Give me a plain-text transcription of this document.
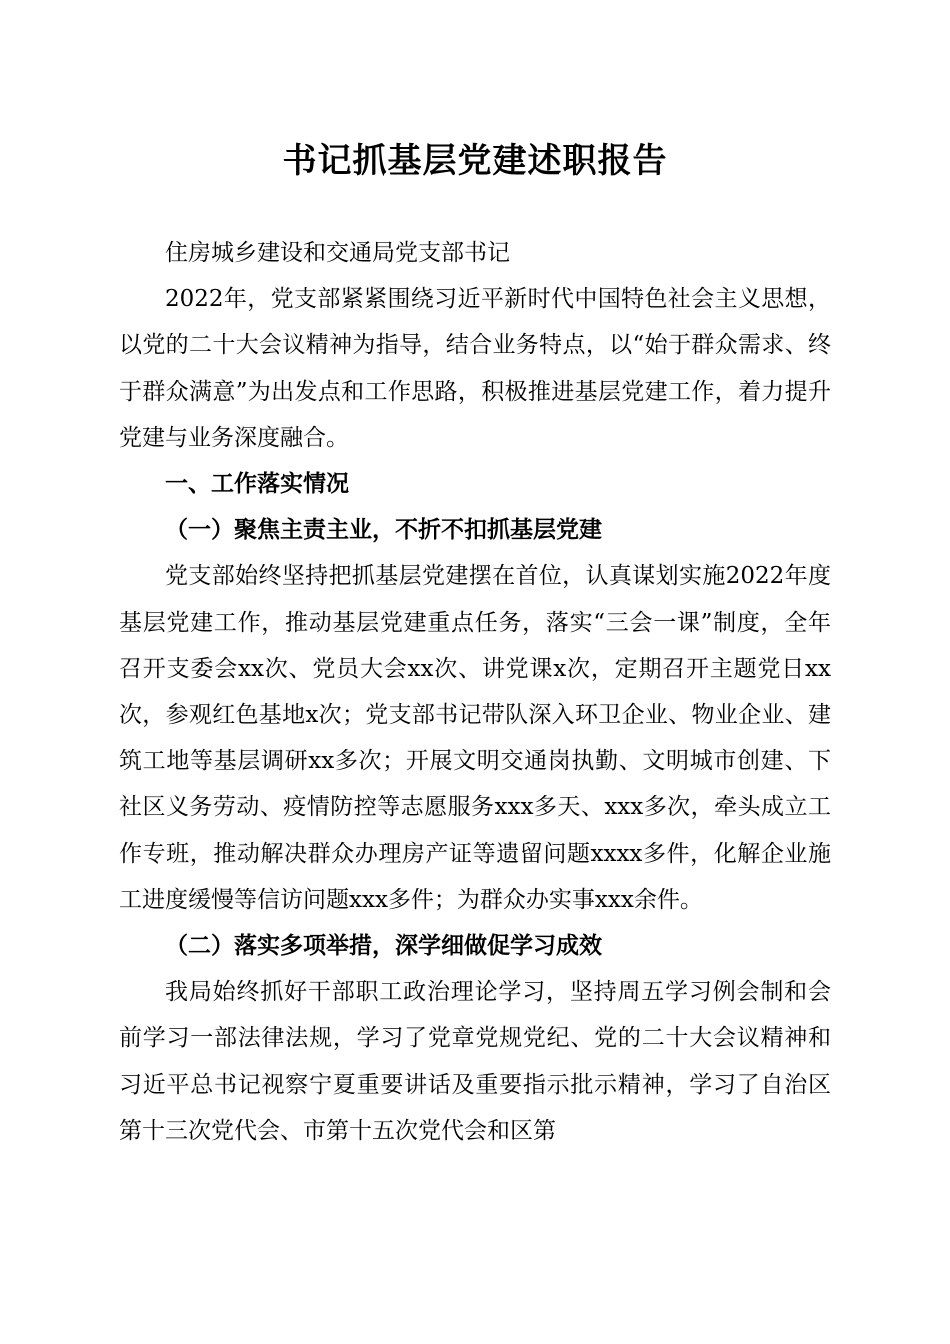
书记抓基层党建述职报告

住房城乡建设和交通局党支部书记

2022年，党支部紧紧围绕习近平新时代中国特色社会主义思想，以党的二十大会议精神为指导，结合业务特点，以“始于群众需求、终于群众满意”为出发点和工作思路，积极推进基层党建工作，着力提升党建与业务深度融合。

一、工作落实情况

（一）聚焦主责主业，不折不扣抓基层党建

党支部始终坚持把抓基层党建摆在首位，认真谋划实施2022年度基层党建工作，推动基层党建重点任务，落实“三会一课”制度，全年召开支委会xx次、党员大会xx次、讲党课x次，定期召开主题党日xx次，参观红色基地x次；党支部书记带队深入环卫企业、物业企业、建筑工地等基层调研xx多次；开展文明交通岗执勤、文明城市创建、下社区义务劳动、疫情防控等志愿服务xxx多天、xxx多次，牵头成立工作专班，推动解决群众办理房产证等遗留问题xxxx多件，化解企业施工进度缓慢等信访问题xxx多件；为群众办实事xxx余件。

（二）落实多项举措，深学细做促学习成效

我局始终抓好干部职工政治理论学习，坚持周五学习例会制和会前学习一部法律法规，学习了党章党规党纪、党的二十大会议精神和习近平总书记视察宁夏重要讲话及重要指示批示精神，学习了自治区第十三次党代会、市第十五次党代会和区第
